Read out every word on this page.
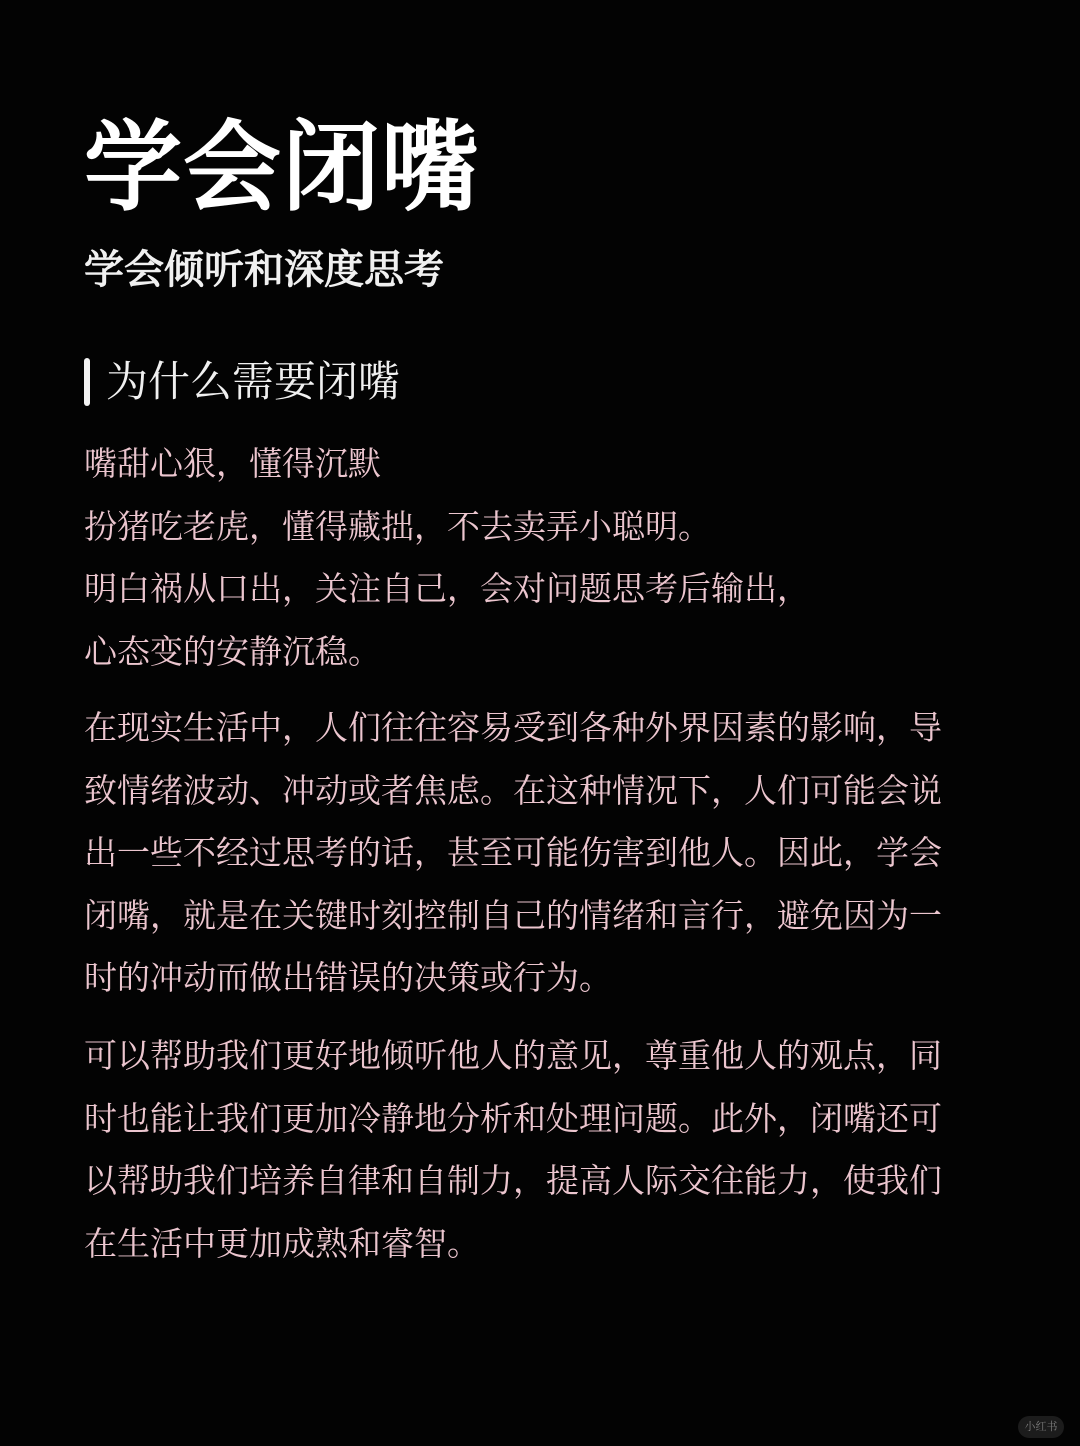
学会闭嘴
学会倾听和深度思考
为什么需要闭嘴
嘴甜心狠，懂得沉默
扮猪吃老虎，懂得藏拙，不去卖弄小聪明。
明白祸从口出，关注自己，会对问题思考后输出，
心态变的安静沉稳。
在现实生活中，人们往往容易受到各种外界因素的影响，导
致情绪波动、冲动或者焦虑。在这种情况下，人们可能会说
出一些不经过思考的话，甚至可能伤害到他人。因此，学会
闭嘴，就是在关键时刻控制自己的情绪和言行，避免因为一
时的冲动而做出错误的决策或行为。
可以帮助我们更好地倾听他人的意见，尊重他人的观点，同
时也能让我们更加冷静地分析和处理问题。此外，闭嘴还可
以帮助我们培养自律和自制力，提高人际交往能力，使我们
在生活中更加成熟和睿智。
小红书
